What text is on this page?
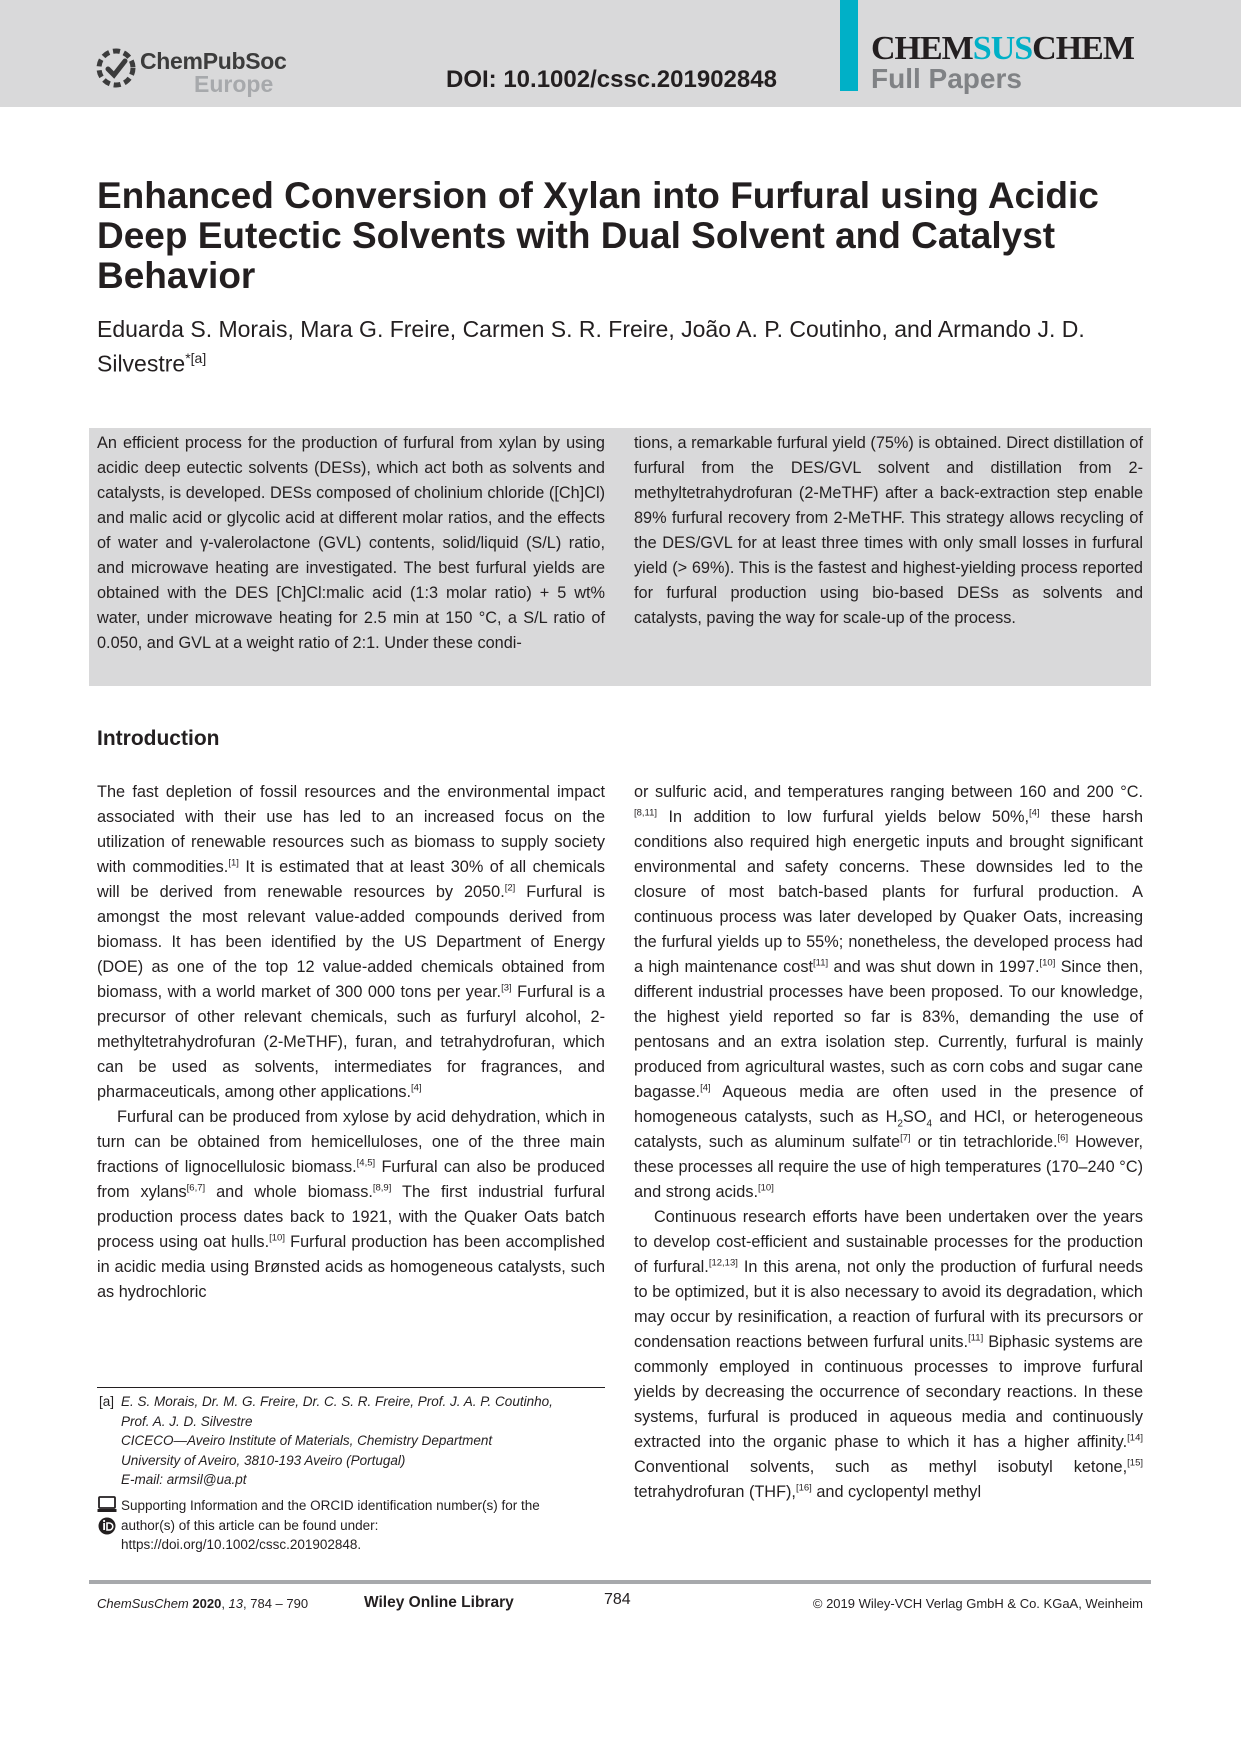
ChemPubSoc
Europe	DOI: 10.1002/cssc.201902848
CHEMSUSCHEM
Full Papers
Enhanced Conversion of Xylan into Furfural using Acidic Deep Eutectic Solvents with Dual Solvent and Catalyst Behavior

Eduarda S. Morais, Mara G. Freire, Carmen S. R. Freire, João A. P. Coutinho, and Armando J. D. Silvestre$^{*[a]}$

An efficient process for the production of furfural from xylan by using acidic deep eutectic solvents (DESs), which act both as solvents and catalysts, is developed. DESs composed of cholinium chloride ([Ch]Cl) and malic acid or glycolic acid at different molar ratios, and the effects of water and γ-valerolactone (GVL) contents, solid/liquid (S/L) ratio, and microwave heating are investigated. The best furfural yields are obtained with the DES [Ch]Cl:malic acid (1:3 molar ratio) + 5 wt% water, under microwave heating for 2.5 min at 150 °C, a S/L ratio of 0.050, and GVL at a weight ratio of 2:1. Under these condi-

tions, a remarkable furfural yield (75%) is obtained. Direct distillation of furfural from the DES/GVL solvent and distillation from 2-methyltetrahydrofuran (2-MeTHF) after a back-extraction step enable 89% furfural recovery from 2-MeTHF. This strategy allows recycling of the DES/GVL for at least three times with only small losses in furfural yield (> 69%). This is the fastest and highest-yielding process reported for furfural production using bio-based DESs as solvents and catalysts, paving the way for scale-up of the process.

Introduction

The fast depletion of fossil resources and the environmental impact associated with their use has led to an increased focus on the utilization of renewable resources such as biomass to supply society with commodities.[1] It is estimated that at least 30% of all chemicals will be derived from renewable resources by 2050.[2] Furfural is amongst the most relevant value-added compounds derived from biomass. It has been identified by the US Department of Energy (DOE) as one of the top 12 value-added chemicals obtained from biomass, with a world market of 300 000 tons per year.[3] Furfural is a precursor of other relevant chemicals, such as furfuryl alcohol, 2-methyltetrahydrofuran (2-MeTHF), furan, and tetrahydrofuran, which can be used as solvents, intermediates for fragrances, and pharmaceuticals, among other applications.[4]

Furfural can be produced from xylose by acid dehydration, which in turn can be obtained from hemicelluloses, one of the three main fractions of lignocellulosic biomass.[4,5] Furfural can also be produced from xylans[6,7] and whole biomass.[8,9] The first industrial furfural production process dates back to 1921, with the Quaker Oats batch process using oat hulls.[10] Furfural production has been accomplished in acidic media using Brønsted acids as homogeneous catalysts, such as hydrochloric

or sulfuric acid, and temperatures ranging between 160 and 200 °C.[8,11] In addition to low furfural yields below 50%,[4] these harsh conditions also required high energetic inputs and brought significant environmental and safety concerns. These downsides led to the closure of most batch-based plants for furfural production. A continuous process was later developed by Quaker Oats, increasing the furfural yields up to 55%; nonetheless, the developed process had a high maintenance cost[11] and was shut down in 1997.[10] Since then, different industrial processes have been proposed. To our knowledge, the highest yield reported so far is 83%, demanding the use of pentosans and an extra isolation step. Currently, furfural is mainly produced from agricultural wastes, such as corn cobs and sugar cane bagasse.[4] Aqueous media are often used in the presence of homogeneous catalysts, such as $H_2SO_4$ and HCl, or heterogeneous catalysts, such as aluminum sulfate[7] or tin tetrachloride.[6] However, these processes all require the use of high temperatures (170–240 °C) and strong acids.[10]

Continuous research efforts have been undertaken over the years to develop cost-efficient and sustainable processes for the production of furfural.[12,13] In this arena, not only the production of furfural needs to be optimized, but it is also necessary to avoid its degradation, which may occur by resinification, a reaction of furfural with its precursors or condensation reactions between furfural units.[11] Biphasic systems are commonly employed in continuous processes to improve furfural yields by decreasing the occurrence of secondary reactions. In these systems, furfural is produced in aqueous media and continuously extracted into the organic phase to which it has a higher affinity.[14] Conventional solvents, such as methyl isobutyl ketone,[15] tetrahydrofuran (THF),[16] and cyclopentyl methyl

[a] E. S. Morais, Dr. M. G. Freire, Dr. C. S. R. Freire, Prof. J. A. P. Coutinho,
Prof. A. J. D. Silvestre
CICECO—Aveiro Institute of Materials, Chemistry Department
University of Aveiro, 3810-193 Aveiro (Portugal)
E-mail: armsil@ua.pt
Supporting Information and the ORCID identification number(s) for the
author(s) of this article can be found under:
https://doi.org/10.1002/cssc.201902848.
ChemSusChem 2020, 13, 784 – 790	Wiley Online Library	784	© 2019 Wiley-VCH Verlag GmbH & Co. KGaA, Weinheim
